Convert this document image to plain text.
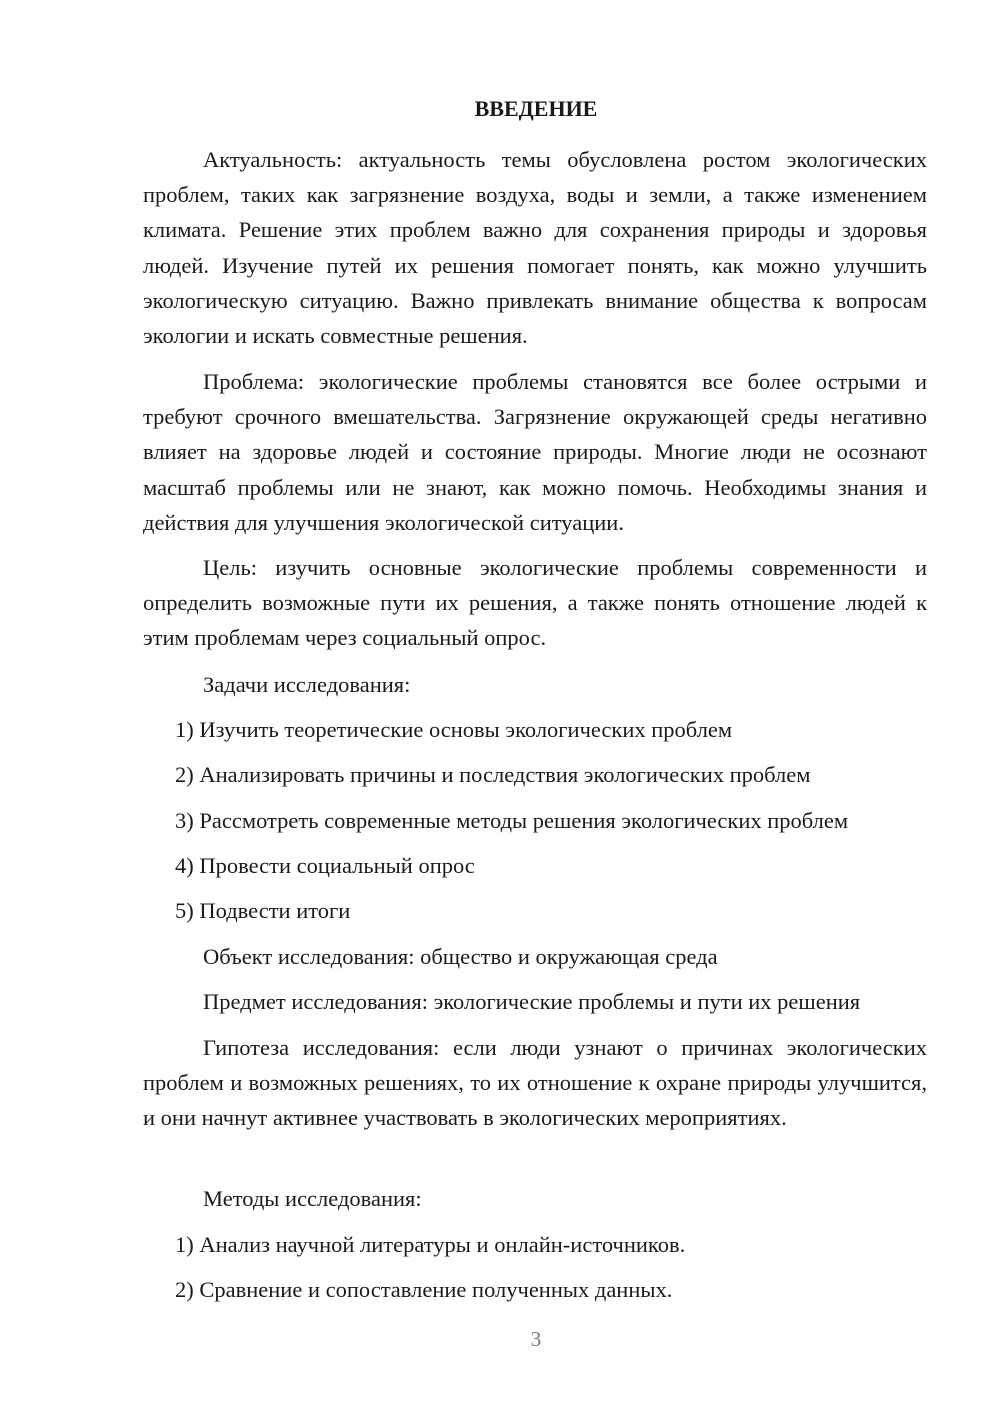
ВВЕДЕНИЕ

Актуальность: актуальность темы обусловлена ростом экологических проблем, таких как загрязнение воздуха, воды и земли, а также изменением климата. Решение этих проблем важно для сохранения природы и здоровья людей. Изучение путей их решения помогает понять, как можно улучшить экологическую ситуацию. Важно привлекать внимание общества к вопросам экологии и искать совместные решения.

Проблема: экологические проблемы становятся все более острыми и требуют срочного вмешательства. Загрязнение окружающей среды негативно влияет на здоровье людей и состояние природы. Многие люди не осознают масштаб проблемы или не знают, как можно помочь. Необходимы знания и действия для улучшения экологической ситуации.

Цель: изучить основные экологические проблемы современности и определить возможные пути их решения, а также понять отношение людей к этим проблемам через социальный опрос.

Задачи исследования:

1) Изучить теоретические основы экологических проблем

2) Анализировать причины и последствия экологических проблем

3) Рассмотреть современные методы решения экологических проблем

4) Провести социальный опрос

5) Подвести итоги

Объект исследования: общество и окружающая среда

Предмет исследования: экологические проблемы и пути их решения

Гипотеза исследования: если люди узнают о причинах экологических проблем и возможных решениях, то их отношение к охране природы улучшится, и они начнут активнее участвовать в экологических мероприятиях.

Методы исследования:

1) Анализ научной литературы и онлайн-источников.

2) Сравнение и сопоставление полученных данных.

3
